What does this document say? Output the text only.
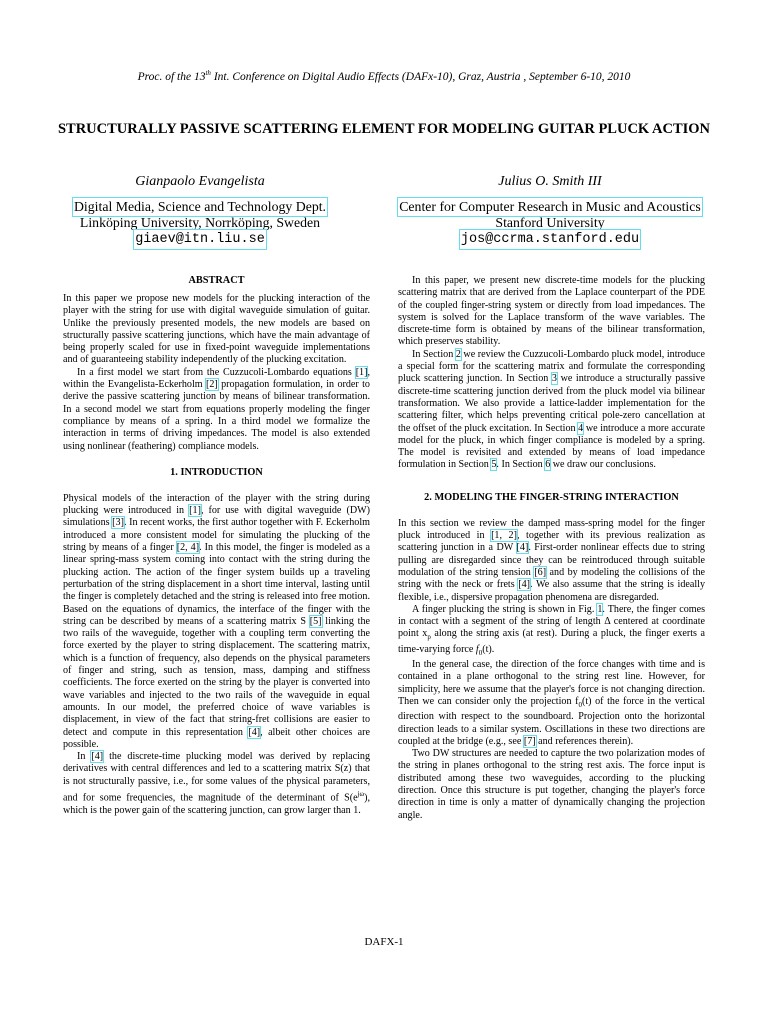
Proc. of the 13th Int. Conference on Digital Audio Effects (DAFx-10), Graz, Austria , September 6-10, 2010
STRUCTURALLY PASSIVE SCATTERING ELEMENT FOR MODELING GUITAR PLUCK ACTION
Gianpaolo Evangelista
Digital Media, Science and Technology Dept.
Linköping University, Norrköping, Sweden
giaev@itn.liu.se
Julius O. Smith III
Center for Computer Research in Music and Acoustics
Stanford University
jos@ccrma.stanford.edu
ABSTRACT

In this paper we propose new models for the plucking interaction of the player with the string for use with digital waveguide simulation of guitar. Unlike the previously presented models, the new models are based on structurally passive scattering junctions, which have the main advantage of being properly scaled for use in fixed-point waveguide implementations and of guaranteeing stability independently of the plucking excitation.

In a first model we start from the Cuzzucoli-Lombardo equations [1], within the Evangelista-Eckerholm [2] propagation formulation, in order to derive the passive scattering junction by means of bilinear transformation. In a second model we start from equations properly modeling the finger compliance by means of a spring. In a third model we formalize the interaction in terms of driving impedances. The model is also extended using nonlinear (feathering) compliance models.

1. INTRODUCTION

Physical models of the interaction of the player with the string during plucking were introduced in [1], for use with digital waveguide (DW) simulations [3]. In recent works, the first author together with F. Eckerholm introduced a more consistent model for simulating the plucking of the string by means of a finger [2, 4]. In this model, the finger is modeled as a linear spring-mass system coming into contact with the string during the plucking action. The action of the finger system builds up a traveling perturbation of the string displacement in a short time interval, lasting until the finger is completely detached and the string is released into free motion. Based on the equations of dynamics, the interface of the finger with the string can be described by means of a scattering matrix S [5] linking the two rails of the waveguide, together with a coupling term converting the force exerted by the player to string displacement. The scattering matrix, which is a function of frequency, also depends on the physical parameters of finger and string, such as tension, mass, damping and stiffness coefficients. The force exerted on the string by the player is converted into wave variables and injected to the two rails of the waveguide in equal amounts. In our model, the preferred choice of wave variables is displacement, in view of the fact that string-fret collisions are easier to detect and compute in this representation [4], albeit other choices are possible.

In [4] the discrete-time plucking model was derived by replacing derivatives with central differences and led to a scattering matrix S(z) that is not structurally passive, i.e., for some values of the physical parameters, and for some frequencies, the magnitude of the determinant of $S(e^{j\omega})$, which is the power gain of the scattering junction, can grow larger than 1.

In this paper, we present new discrete-time models for the plucking scattering matrix that are derived from the Laplace counterpart of the PDE of the coupled finger-string system or directly from load impedances. The system is solved for the Laplace transform of the wave variables. The discrete-time form is obtained by means of the bilinear transformation, which preserves stability.

In Section 2 we review the Cuzzucoli-Lombardo pluck model, introduce a special form for the scattering matrix and formulate the corresponding pluck scattering junction. In Section 3 we introduce a structurally passive discrete-time scattering junction derived from the pluck model via bilinear transformation. We also provide a lattice-ladder implementation for the scattering filter, which helps preventing critical pole-zero cancellation at the offset of the pluck excitation. In Section 4 we introduce a more accurate model for the pluck, in which finger compliance is modeled by a spring. The model is revisited and extended by means of load impedance formulation in Section 5. In Section 6 we draw our conclusions.

2. MODELING THE FINGER-STRING INTERACTION

In this section we review the damped mass-spring model for the finger pluck introduced in [1, 2], together with its previous realization as scattering junction in a DW [4]. First-order nonlinear effects due to string pulling are disregarded since they can be reintroduced through suitable modulation of the string tension [6] and by modeling the collisions of the string with the neck or frets [4]. We also assume that the string is ideally flexible, i.e., dispersive propagation phenomena are disregarded.

A finger plucking the string is shown in Fig. 1. There, the finger comes in contact with a segment of the string of length Δ centered at coordinate point $x_p$ along the string axis (at rest). During a pluck, the finger exerts a time-varying force $f_0(t)$.

In the general case, the direction of the force changes with time and is contained in a plane orthogonal to the string rest line. However, for simplicity, here we assume that the player's force is not changing direction. Then we can consider only the projection $f_0(t)$ of the force in the vertical direction with respect to the soundboard. Projection onto the horizontal direction leads to a similar system. Oscillations in these two directions are coupled at the bridge (e.g., see [7] and references therein).

Two DW structures are needed to capture the two polarization modes of the string in planes orthogonal to the string rest axis. The force input is distributed among these two waveguides, according to the plucking direction. Once this structure is put together, changing the player's force direction in time is only a matter of dynamically changing the projection angle.

DAFX-1
